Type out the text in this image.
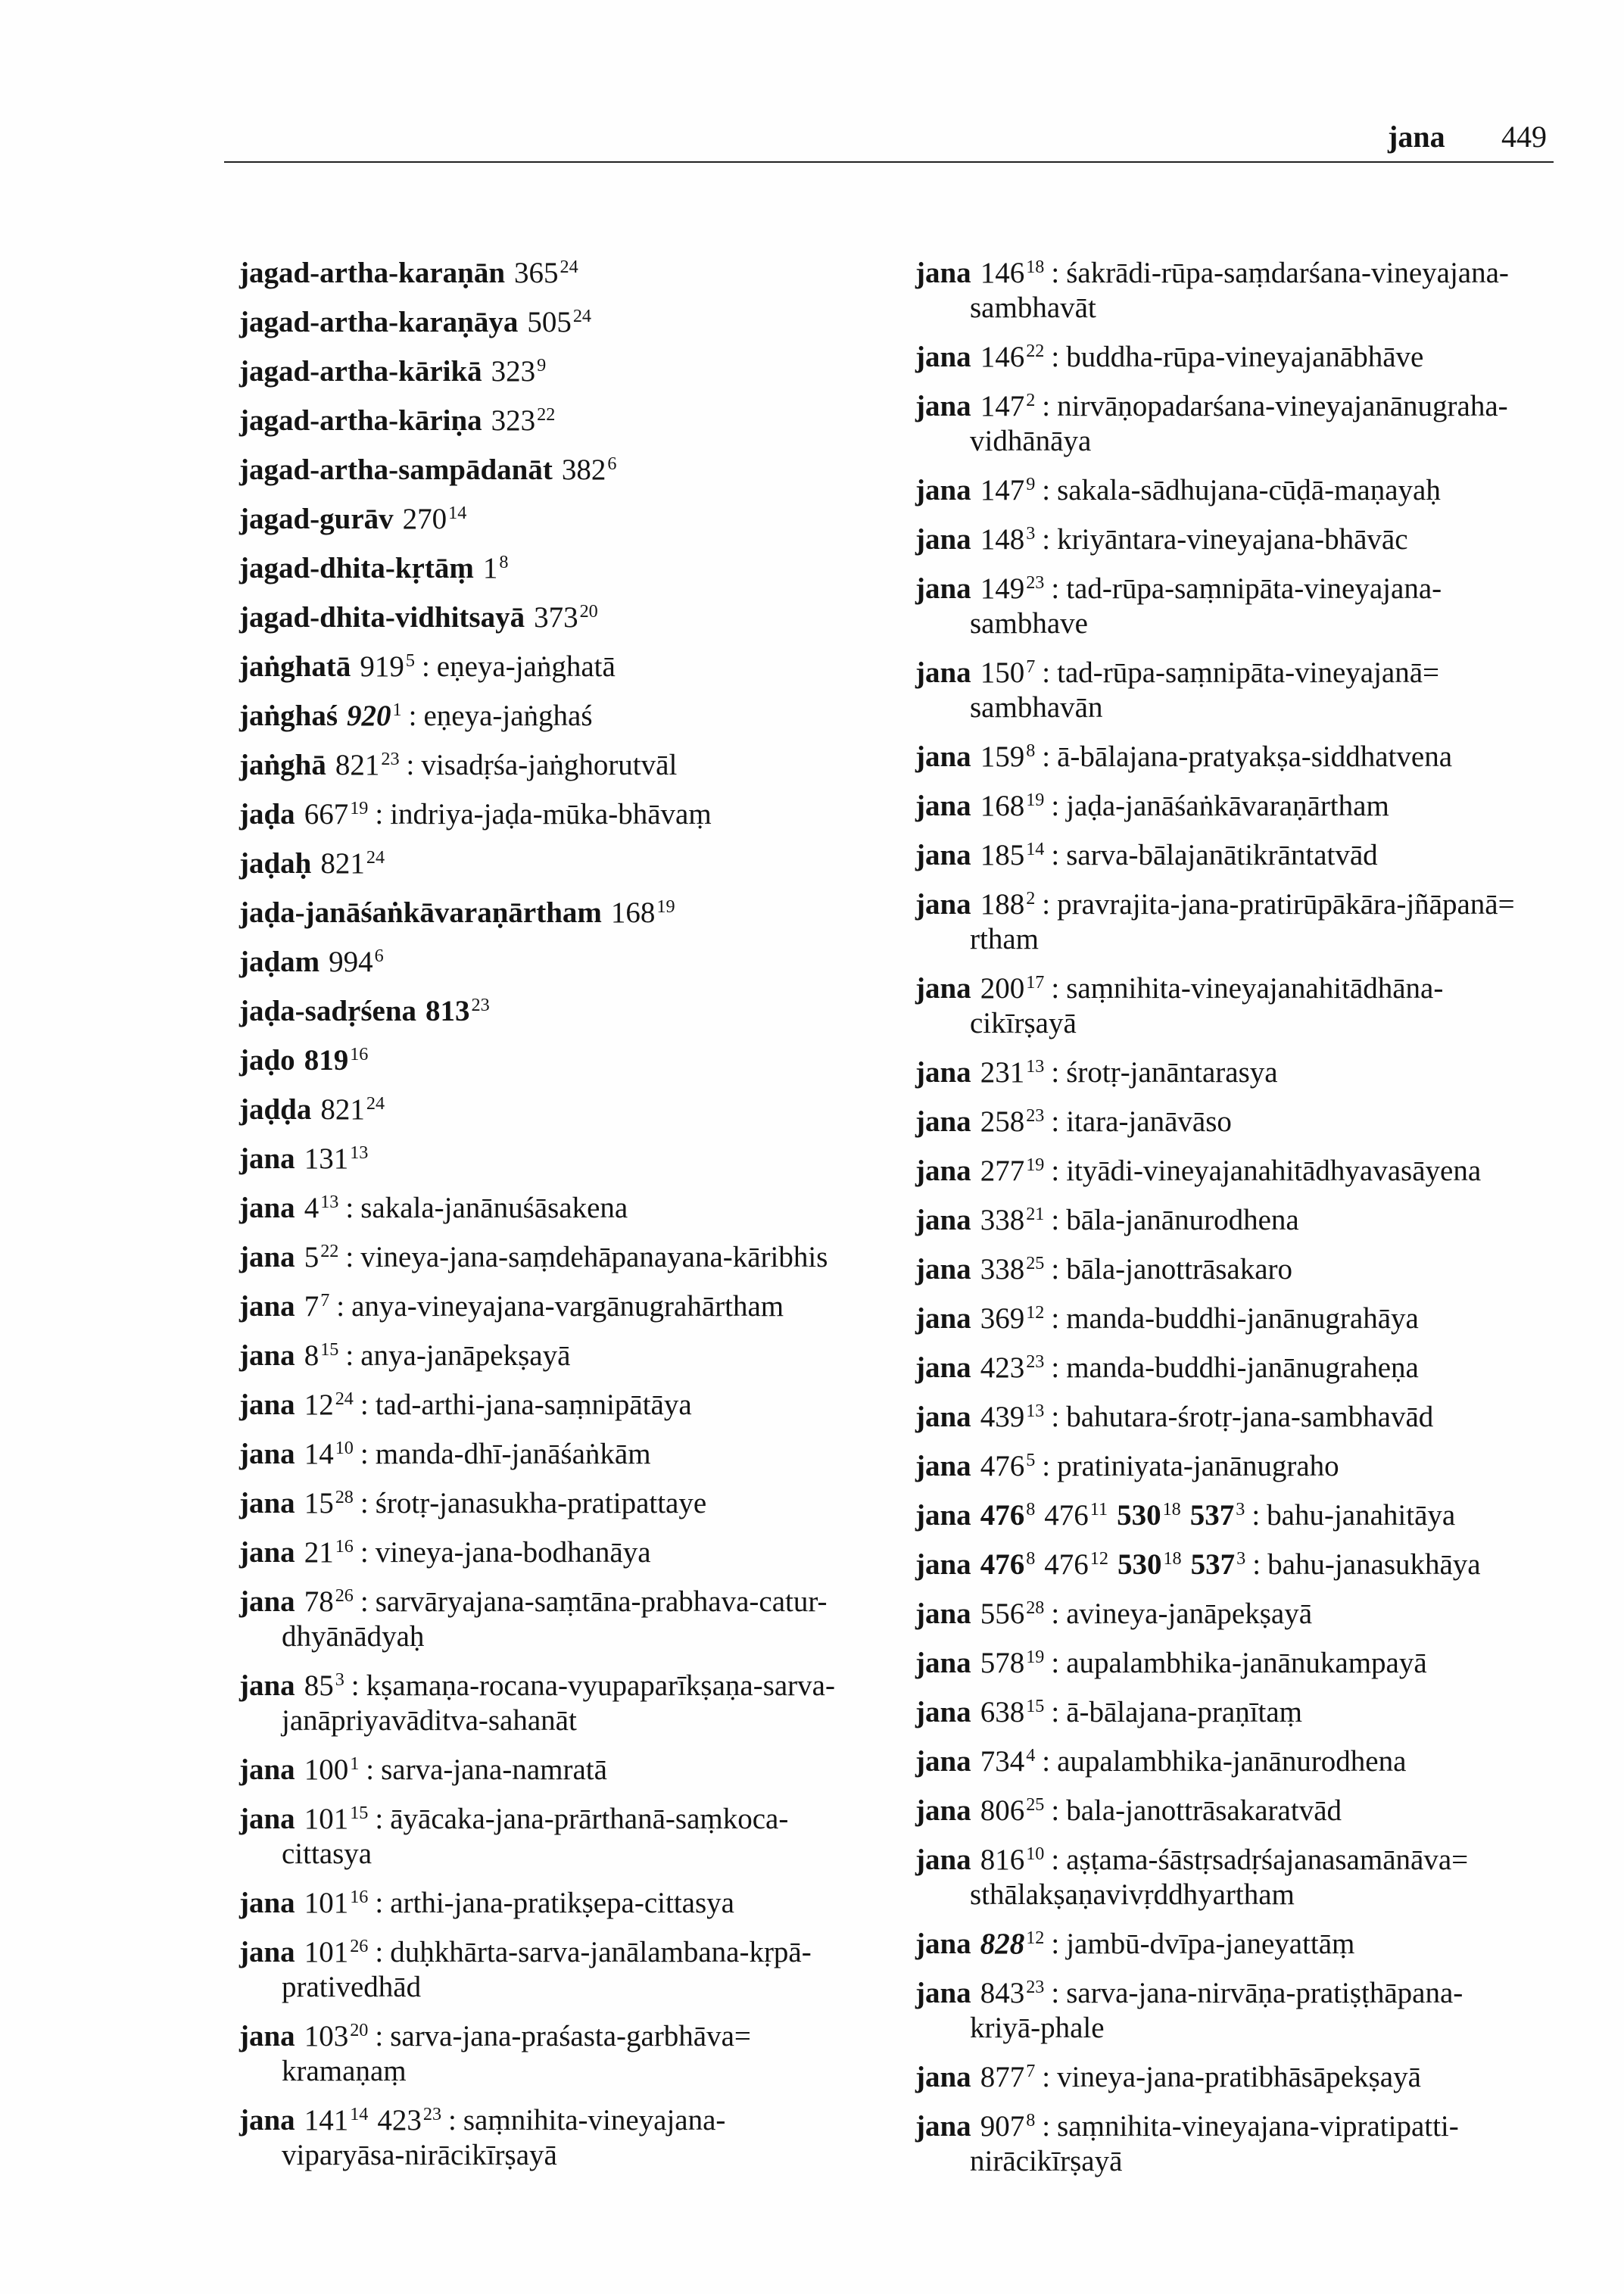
jana 449
jagad-artha-karaṇān $365^{24}$
jagad-artha-karaṇāya $505^{24}$
jagad-artha-kārikā $323^9$
jagad-artha-kāriṇa $323^{22}$
jagad-artha-sampādanāt $382^6$
jagad-gurāv $270^{14}$
jagad-dhita-kṛtāṃ $1^8$
jagad-dhita-vidhitsayā $373^{20}$
jaṅghatā $919^5$ : eṇeya-jaṅghatā
jaṅghaś $920^1$ : eṇeya-jaṅghaś
jaṅghā $821^{23}$ : visadṛśa-jaṅghorutvāl
jaḍa $667^{19}$ : indriya-jaḍa-mūka-bhāvaṃ
jaḍaḥ $821^{24}$
jaḍa-janāśaṅkāvaraṇārtham $168^{19}$
jaḍam $994^6$
jaḍa-sadṛśena $813^{23}$
jaḍo $819^{16}$
jaḍḍa $821^{24}$
jana $131^{13}$
jana $4^{13}$ : sakala-janānuśāsakena
jana $5^{22}$ : vineya-jana-saṃdehāpanayana-kāribhis
jana $7^7$ : anya-vineyajana-vargānugrahārtham
jana $8^{15}$ : anya-janāpekṣayā
jana $12^{24}$ : tad-arthi-jana-saṃnipātāya
jana $14^{10}$ : manda-dhī-janāśaṅkām
jana $15^{28}$ : śrotṛ-janasukha-pratipattaye
jana $21^{16}$ : vineya-jana-bodhanāya
jana $78^{26}$ : sarvāryajana-saṃtāna-prabhava-catur-
dhyānādyaḥ
jana $85^3$ : kṣamaṇa-rocana-vyupaparīkṣaṇa-sarva-
janāpriyavāditva-sahanāt
jana $100^1$ : sarva-jana-namratā
jana $101^{15}$ : āyācaka-jana-prārthanā-saṃkoca-
cittasya
jana $101^{16}$ : arthi-jana-pratikṣepa-cittasya
jana $101^{26}$ : duḥkhārta-sarva-janālambana-kṛpā-
prativedhād
jana $103^{20}$ : sarva-jana-praśasta-garbhāva=
kramaṇaṃ
jana $141^{14}$ $423^{23}$ : saṃnihita-vineyajana-
viparyāsa-nirācikīrṣayā
jana $146^{18}$ : śakrādi-rūpa-saṃdarśana-vineyajana-
sambhavāt
jana $146^{22}$ : buddha-rūpa-vineyajanābhāve
jana $147^2$ : nirvāṇopadarśana-vineyajanānugraha-
vidhānāya
jana $147^9$ : sakala-sādhujana-cūḍā-maṇayaḥ
jana $148^3$ : kriyāntara-vineyajana-bhāvāc
jana $149^{23}$ : tad-rūpa-saṃnipāta-vineyajana-
sambhave
jana $150^7$ : tad-rūpa-saṃnipāta-vineyajanā=
sambhavān
jana $159^8$ : ā-bālajana-pratyakṣa-siddhatvena
jana $168^{19}$ : jaḍa-janāśaṅkāvaraṇārtham
jana $185^{14}$ : sarva-bālajanātikrāntatvād
jana $188^2$ : pravrajita-jana-pratirūpākāra-jñāpanā=
rtham
jana $200^{17}$ : saṃnihita-vineyajanahitādhāna-
cikīrṣayā
jana $231^{13}$ : śrotṛ-janāntarasya
jana $258^{23}$ : itara-janāvāso
jana $277^{19}$ : ityādi-vineyajanahitādhyavasāyena
jana $338^{21}$ : bāla-janānurodhena
jana $338^{25}$ : bāla-janottrāsakaro
jana $369^{12}$ : manda-buddhi-janānugrahāya
jana $423^{23}$ : manda-buddhi-janānugraheṇa
jana $439^{13}$ : bahutara-śrotṛ-jana-sambhavād
jana $476^5$ : pratiniyata-janānugraho
jana $476^8$ $476^{11}$ $530^{18}$ $537^3$ : bahu-janahitāya
jana $476^8$ $476^{12}$ $530^{18}$ $537^3$ : bahu-janasukhāya
jana $556^{28}$ : avineya-janāpekṣayā
jana $578^{19}$ : aupalambhika-janānukampayā
jana $638^{15}$ : ā-bālajana-praṇītaṃ
jana $734^4$ : aupalambhika-janānurodhena
jana $806^{25}$ : bala-janottrāsakaratvād
jana $816^{10}$ : aṣṭama-śāstṛsadṛśajanasamānāva=
sthālakṣaṇavivṛddhyartham
jana $828^{12}$ : jambū-dvīpa-janeyattāṃ
jana $843^{23}$ : sarva-jana-nirvāṇa-pratiṣṭhāpana-
kriyā-phale
jana $877^7$ : vineya-jana-pratibhāsāpekṣayā
jana $907^8$ : saṃnihita-vineyajana-vipratipatti-
nirācikīrṣayā
